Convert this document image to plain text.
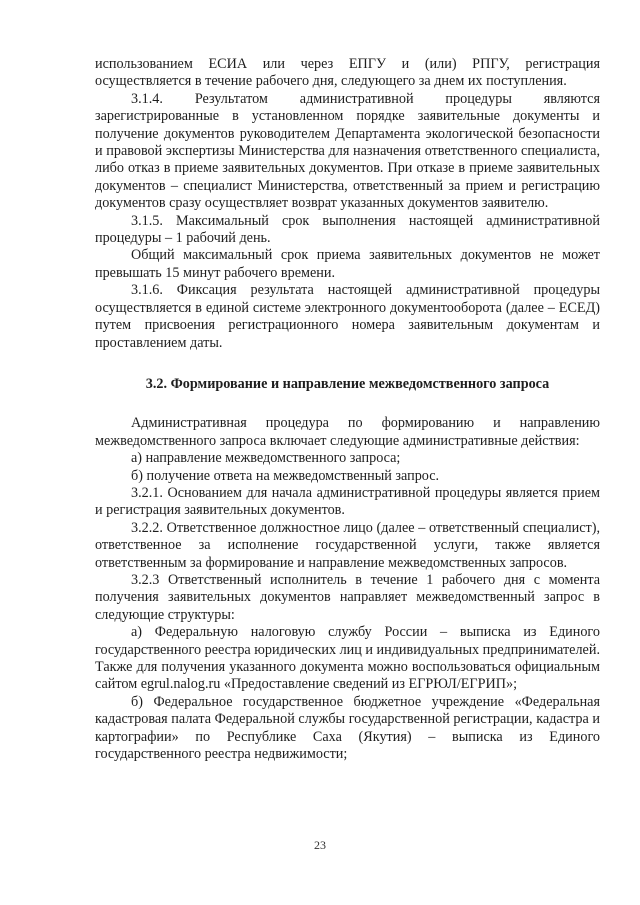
использованием ЕСИА или через ЕПГУ и (или) РПГУ, регистрация осуществляется в течение рабочего дня, следующего за днем их поступления.

3.1.4. Результатом административной процедуры являются зарегистрированные в установленном порядке заявительные документы и получение документов руководителем Департамента экологической безопасности и правовой экспертизы Министерства для назначения ответственного специалиста, либо отказ в приеме заявительных документов. При отказе в приеме заявительных документов – специалист Министерства, ответственный за прием и регистрацию документов сразу осуществляет возврат указанных документов заявителю.

3.1.5. Максимальный срок выполнения настоящей административной процедуры – 1 рабочий день.

Общий максимальный срок приема заявительных документов не может превышать 15 минут рабочего времени.

3.1.6. Фиксация результата настоящей административной процедуры осуществляется в единой системе электронного документооборота (далее – ЕСЕД) путем присвоения регистрационного номера заявительным документам и проставлением даты.

3.2. Формирование и направление межведомственного запроса

Административная процедура по формированию и направлению межведомственного запроса включает следующие административные действия:

а) направление межведомственного запроса;

б) получение ответа на межведомственный запрос.

3.2.1. Основанием для начала административной процедуры является прием и регистрация заявительных документов.

3.2.2. Ответственное должностное лицо (далее – ответственный специалист), ответственное за исполнение государственной услуги, также является ответственным за формирование и направление межведомственных запросов.

3.2.3 Ответственный исполнитель в течение 1 рабочего дня с момента получения заявительных документов направляет межведомственный запрос в следующие структуры:

а) Федеральную налоговую службу России – выписка из Единого государственного реестра юридических лиц и индивидуальных предпринимателей. Также для получения указанного документа можно воспользоваться официальным сайтом egrul.nalog.ru «Предоставление сведений из ЕГРЮЛ/ЕГРИП»;

б) Федеральное государственное бюджетное учреждение «Федеральная кадастровая палата Федеральной службы государственной регистрации, кадастра и картографии» по Республике Саха (Якутия) – выписка из Единого государственного реестра недвижимости;

23
